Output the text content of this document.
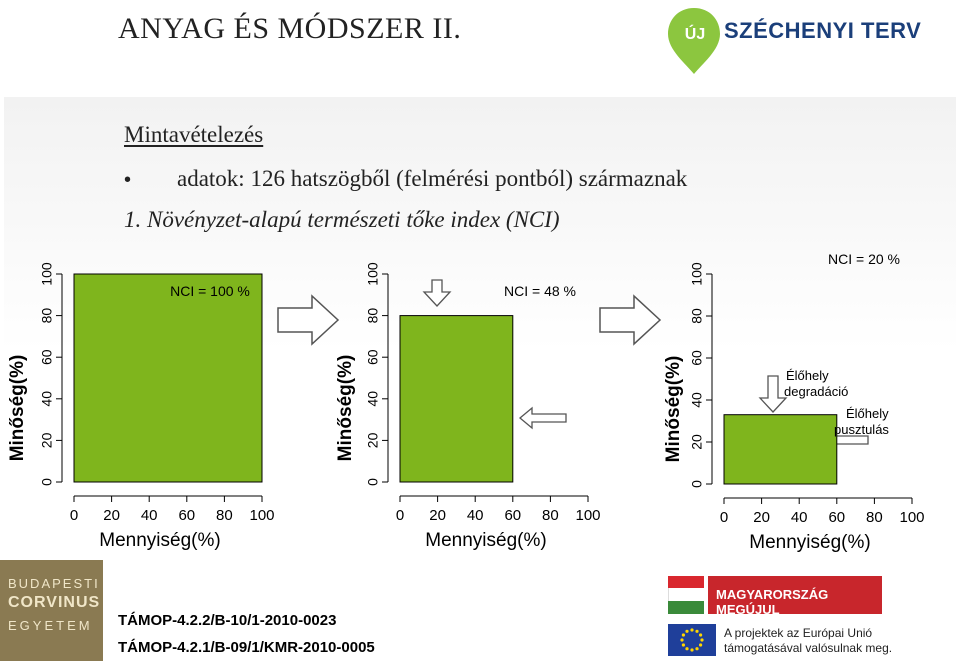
ANYAG ÉS MÓDSZER II.	ÚJ SZÉCHENYI TERV
Mintavételezés
• adatok: 126 hatszögből (felmérési pontból) származnak
1. Növényzet-alapú természeti tőke index (NCI)
0
20
40
60
80
100
0 20 40 60 80 100
NCI = 100 %
Mennyiség(%)
Minőség(%)
0
20
40
60
80
100
0 20 40 60 80 100
NCI = 48 %
Mennyiség(%)
Minőség(%)
0
20
40
60
80
100
0 20 40 60 80 100
NCI = 20 %
Mennyiség(%)
Minőség(%)	Élőhely
degradáció
Élőhely
pusztulás
BUDAPESTI
CORVINUS
EGYETEM TÁMOP-4.2.2/B-10/1-2010-0023
TÁMOP-4.2.1/B-09/1/KMR-2010-0005
MAGYARORSZÁG MEGÚJUL
A projektek az Európai Unió
támogatásával valósulnak meg.
